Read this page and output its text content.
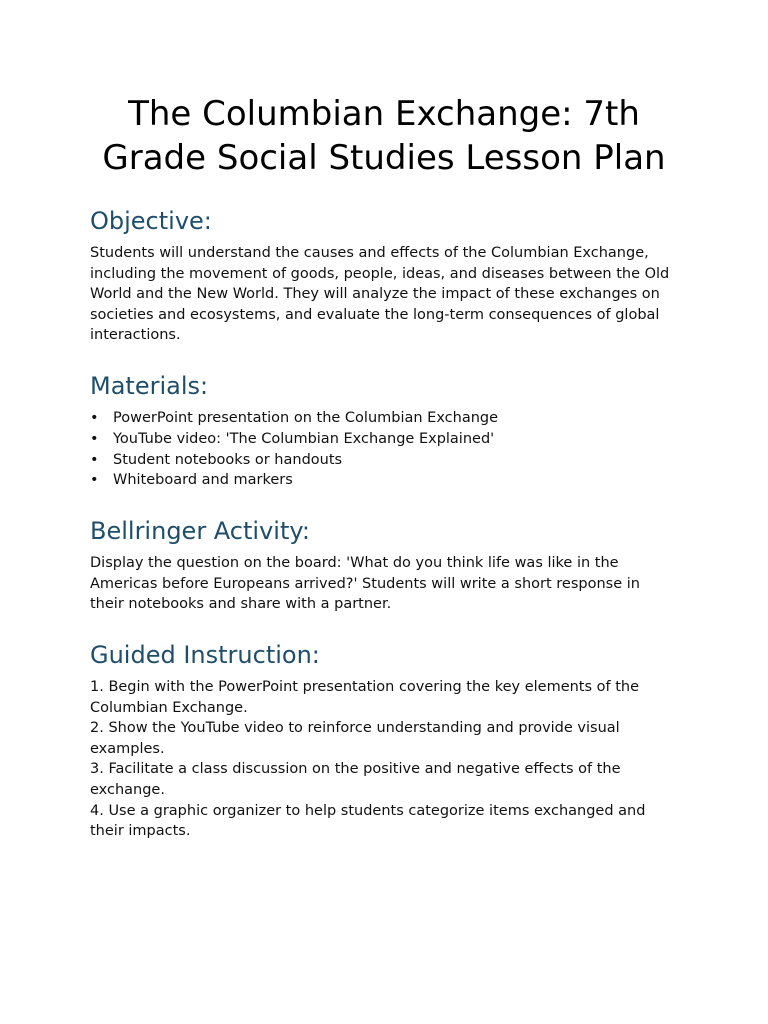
The Columbian Exchange: 7th Grade Social Studies Lesson Plan
Objective:

Students will understand the causes and effects of the Columbian Exchange, including the movement of goods, people, ideas, and diseases between the Old World and the New World. They will analyze the impact of these exchanges on societies and ecosystems, and evaluate the long-term consequences of global interactions.

Materials:
• PowerPoint presentation on the Columbian Exchange
• YouTube video: 'The Columbian Exchange Explained'
• Student notebooks or handouts
• Whiteboard and markers
Bellringer Activity:

Display the question on the board: 'What do you think life was like in the Americas before Europeans arrived?' Students will write a short response in their notebooks and share with a partner.

Guided Instruction:
1. Begin with the PowerPoint presentation covering the key elements of the Columbian Exchange.
2. Show the YouTube video to reinforce understanding and provide visual examples.
3. Facilitate a class discussion on the positive and negative effects of the exchange.
4. Use a graphic organizer to help students categorize items exchanged and their impacts.
